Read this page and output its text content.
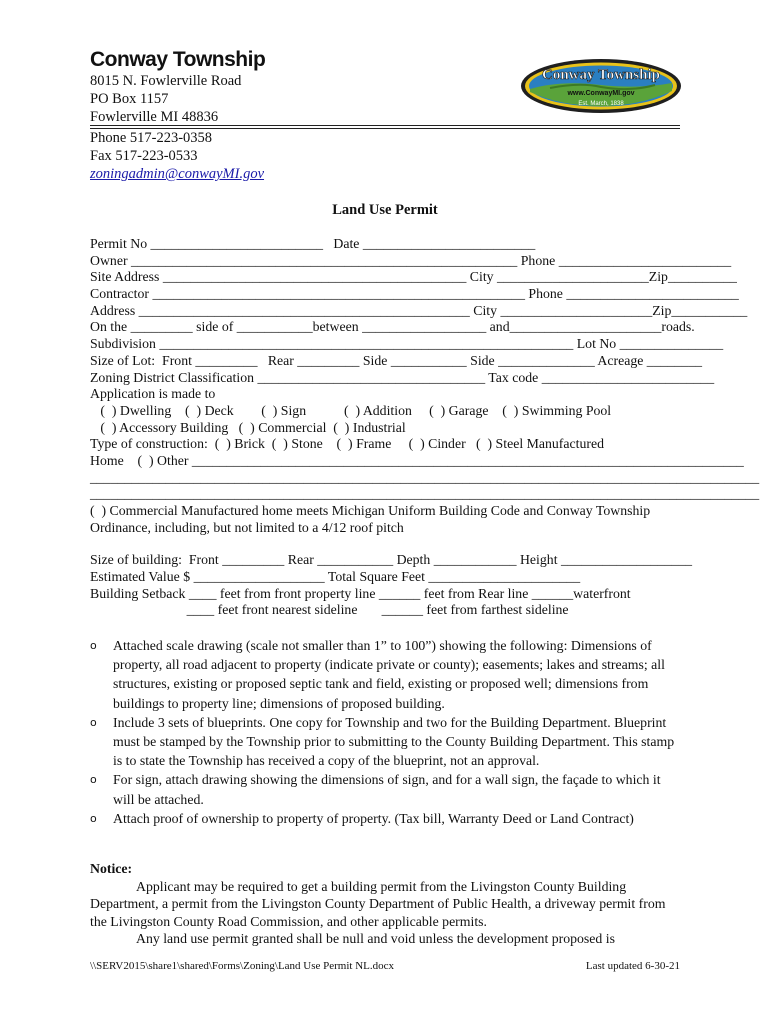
Conway Township
8015 N. Fowlerville Road
PO Box 1157
Fowlerville MI 48836
Phone 517-223-0358
Fax 517-223-0533
zoningadmin@conwayMI.gov
Conway Township
www.ConwayMI.gov
Est. March, 1838
Land Use Permit
Permit No _________________________   Date _________________________
Owner ________________________________________________________ Phone _________________________
Site Address ____________________________________________ City ______________________Zip__________
Contractor ______________________________________________________ Phone _________________________
Address ________________________________________________ City ______________________Zip___________
On the _________ side of ___________between __________________ and______________________roads.
Subdivision ____________________________________________________________ Lot No _______________
Size of Lot:  Front _________   Rear _________ Side ___________ Side ______________ Acreage ________
Zoning District Classification _________________________________ Tax code _________________________
Application is made to
(  ) Dwelling    (  ) Deck        (  ) Sign           (  ) Addition     (  ) Garage    (  ) Swimming Pool
(  ) Accessory Building   (  ) Commercial  (  ) Industrial
Type of construction:  (  ) Brick  (  ) Stone    (  ) Frame     (  ) Cinder   (  ) Steel Manufactured
Home    (  ) Other ________________________________________________________________________________
_________________________________________________________________________________________________
_________________________________________________________________________________________________
(  ) Commercial Manufactured home meets Michigan Uniform Building Code and Conway Township
Ordinance, including, but not limited to a 4/12 roof pitch
Size of building:  Front _________ Rear ___________ Depth ____________ Height ___________________
Estimated Value $ ___________________ Total Square Feet ______________________
Building Setback ____ feet from front property line ______ feet from Rear line ______waterfront
____ feet front nearest sideline       ______ feet from farthest sideline
o Attached scale drawing (scale not smaller than 1” to 100”) showing the following: Dimensions of property, all road adjacent to property (indicate private or county); easements; lakes and streams; all structures, existing or proposed septic tank and field, existing or proposed well; dimensions from buildings to property line; dimensions of proposed building.
o Include 3 sets of blueprints. One copy for Township and two for the Building Department. Blueprint must be stamped by the Township prior to submitting to the County Building Department. This stamp is to state the Township has received a copy of the blueprint, not an approval.
o For sign, attach drawing showing the dimensions of sign, and for a wall sign, the façade to which it will be attached.
o Attach proof of ownership to property of property. (Tax bill, Warranty Deed or Land Contract)
Notice:
Applicant may be required to get a building permit from the Livingston County Building Department, a permit from the Livingston County Department of Public Health, a driveway permit from the Livingston County Road Commission, and other applicable permits.
Any land use permit granted shall be null and void unless the development proposed is
\\SERV2015\share1\shared\Forms\Zoning\Land Use Permit NL.docx	Last updated 6-30-21
